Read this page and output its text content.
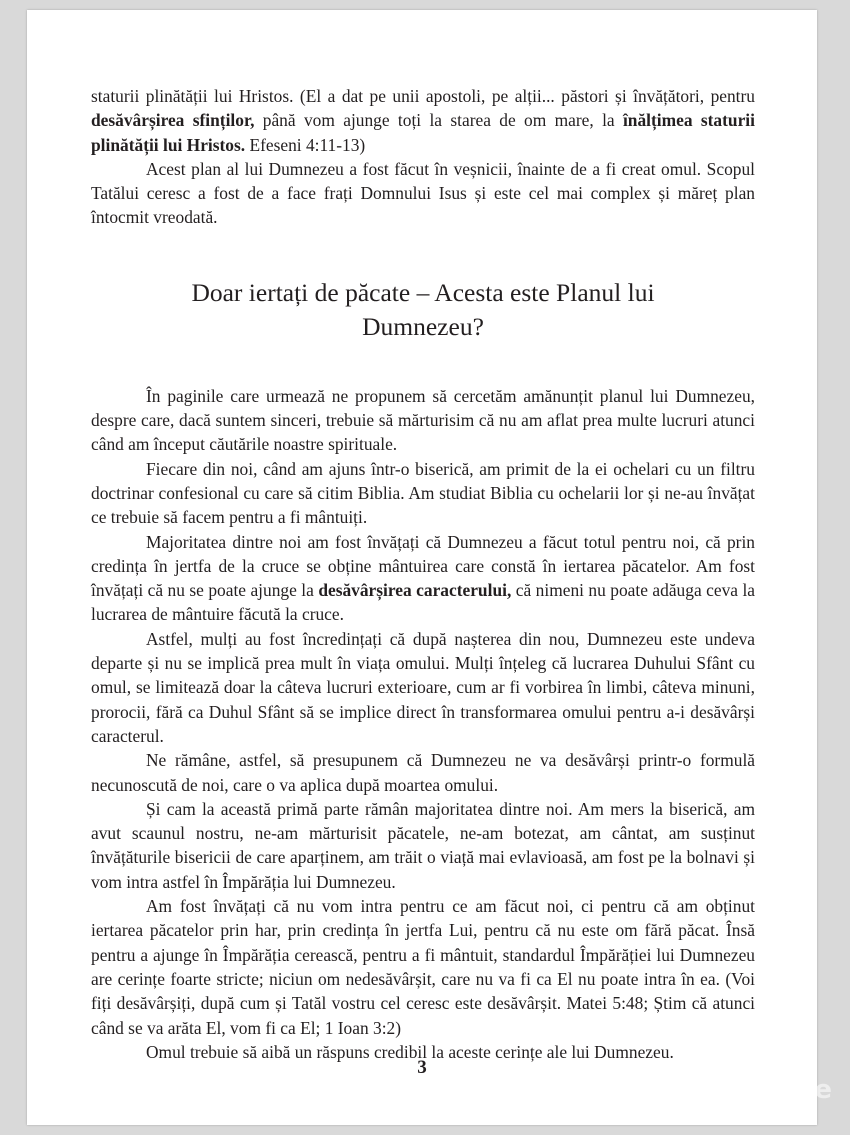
staturii plinătății lui Hristos. (El a dat pe unii apostoli, pe alții... păstori și învățători, pentru desăvârșirea sfinților, până vom ajunge toți la starea de om mare, la înălțimea staturii plinătății lui Hristos. Efeseni 4:11-13)

Acest plan al lui Dumnezeu a fost făcut în veșnicii, înainte de a fi creat omul. Scopul Tatălui ceresc a fost de a face frați Domnului Isus și este cel mai complex și măreț plan întocmit vreodată.

Doar iertați de păcate – Acesta este Planul lui Dumnezeu?

În paginile care urmează ne propunem să cercetăm amănunțit planul lui Dumnezeu, despre care, dacă suntem sinceri, trebuie să mărturisim că nu am aflat prea multe lucruri atunci când am început căutările noastre spirituale.

Fiecare din noi, când am ajuns într-o biserică, am primit de la ei ochelari cu un filtru doctrinar confesional cu care să citim Biblia. Am studiat Biblia cu ochelarii lor și ne-au învățat ce trebuie să facem pentru a fi mântuiți.

Majoritatea dintre noi am fost învățați că Dumnezeu a făcut totul pentru noi, că prin credința în jertfa de la cruce se obține mântuirea care constă în iertarea păcatelor. Am fost învățați că nu se poate ajunge la desăvârșirea caracterului, că nimeni nu poate adăuga ceva la lucrarea de mântuire făcută la cruce.

Astfel, mulți au fost încredințați că după nașterea din nou, Dumnezeu este undeva departe și nu se implică prea mult în viața omului. Mulți înțeleg că lucrarea Duhului Sfânt cu omul, se limitează doar la câteva lucruri exterioare, cum ar fi vorbirea în limbi, câteva minuni, prorocii, fără ca Duhul Sfânt să se implice direct în transformarea omului pentru a-i desăvârși caracterul.

Ne rămâne, astfel, să presupunem că Dumnezeu ne va desăvârși printr-o formulă necunoscută de noi, care o va aplica după moartea omului.

Și cam la această primă parte rămân majoritatea dintre noi. Am mers la biserică, am avut scaunul nostru, ne-am mărturisit păcatele, ne-am botezat, am cântat, am susținut învățăturile bisericii de care aparținem, am trăit o viață mai evlavioasă, am fost pe la bolnavi și vom intra astfel în Împărăția lui Dumnezeu.

Am fost învățați că nu vom intra pentru ce am făcut noi, ci pentru că am obținut iertarea păcatelor prin har, prin credința în jertfa Lui, pentru că nu este om fără păcat. Însă pentru a ajunge în Împărăția cerească, pentru a fi mântuit, standardul Împărăției lui Dumnezeu are cerințe foarte stricte; niciun om nedesăvârșit, care nu va fi ca El nu poate intra în ea. (Voi fiți desăvârșiți, după cum și Tatăl vostru cel ceresc este desăvârșit. Matei 5:48; Știm că atunci când se va arăta El, vom fi ca El; 1 Ioan 3:2)

Omul trebuie să aibă un răspuns credibil la aceste cerințe ale lui Dumnezeu.

3
e
